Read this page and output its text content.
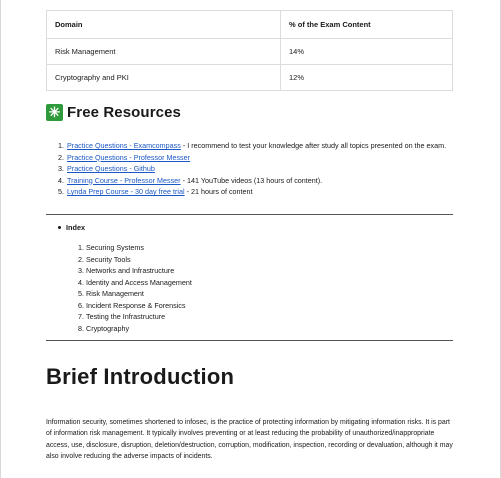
Domain	% of the Exam Content
Risk Management	14%
Cryptography and PKI	12%
✳ Free Resources
1. Practice Questions - Examcompass - I recommend to test your knowledge after study all topics presented on the exam.
2. Practice Questions - Professor Messer
3. Practice Questions - Github
4. Training Course - Professor Messer - 141 YouTube videos (13 hours of content).
5. Lynda Prep Course - 30 day free trial - 21 hours of content
Index
1. Securing Systems
2. Security Tools
3. Networks and Infrastructure
4. Identity and Access Management
5. Risk Management
6. Incident Response & Forensics
7. Testing the Infrastructure
8. Cryptography
Brief Introduction
Information security, sometimes shortened to infosec, is the practice of protecting information by mitigating information risks. It is part of information risk management. It typically involves preventing or at least reducing the probability of unauthorized/inappropriate access, use, disclosure, disruption, deletion/destruction, corruption, modification, inspection, recording or devaluation, although it may also involve reducing the adverse impacts of incidents.
